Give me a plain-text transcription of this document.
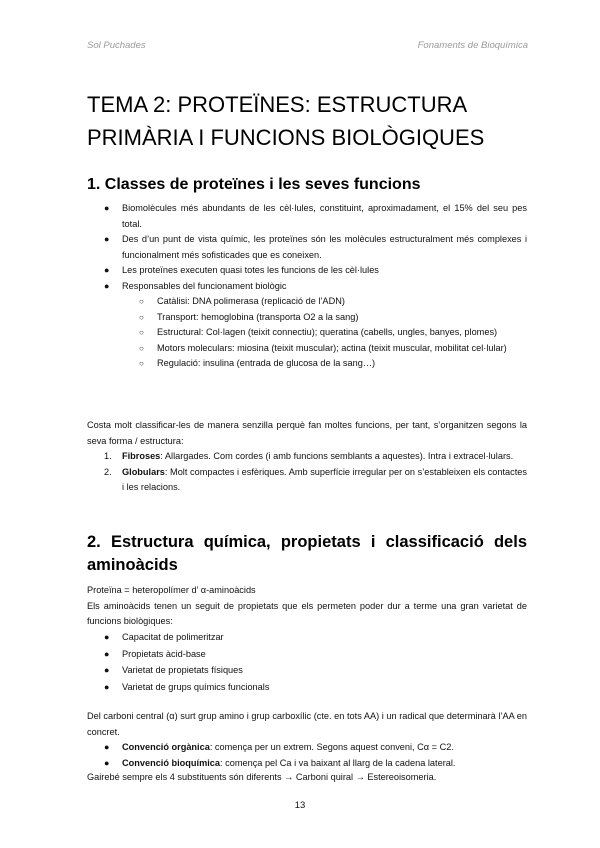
Sol Puchades	Fonaments de Bioquímica
TEMA 2: PROTEÏNES: ESTRUCTURA
PRIMÀRIA I FUNCIONS BIOLÒGIQUES
1. Classes de proteïnes i les seves funcions
● Biomolècules més abundants de les cèl·lules, constituint, aproximadament, el 15% del seu pes total.
● Des d’un punt de vista químic, les proteïnes són les molècules estructuralment més complexes i funcionalment més sofisticades que es coneixen.
● Les proteïnes executen quasi totes les funcions de les cèl·lules
● Responsables del funcionament biològic
○ Catàlisi: DNA polimerasa (replicació de l’ADN)
○ Transport: hemoglobina (transporta O2 a la sang)
○ Estructural: Col·lagen (teixit connectiu); queratina (cabells, ungles, banyes, plomes)
○ Motors moleculars: miosina (teixit muscular); actina (teixit muscular, mobilitat cel·lular)
○ Regulació: insulina (entrada de glucosa de la sang…)

Costa molt classificar-les de manera senzilla perquè fan moltes funcions, per tant, s’organitzen segons la seva forma / estructura:

1. Fibroses: Allargades. Com cordes (i amb funcions semblants a aquestes). Intra i extracel·lulars.
2. Globulars: Molt compactes i esfèriques. Amb superfície irregular per on s’estableixen els contactes i les relacions.
2. Estructura química, propietats i classificació dels aminoàcids
Proteïna = heteropolímer d’ α-aminoàcids
Els aminoàcids tenen un seguit de propietats que els permeten poder dur a terme una gran varietat de funcions biològiques:
● Capacitat de polimeritzar
● Propietats àcid-base
● Varietat de propietats físiques
● Varietat de grups químics funcionals

Del carboni central (α) surt grup amino i grup carboxílic (cte. en tots AA) i un radical que determinarà l’AA en concret.

● Convenció orgànica: comença per un extrem. Segons aquest conveni, Cα = C2.
● Convenció bioquímica: comença pel Ca i va baixant al llarg de la cadena lateral.

Gairebé sempre els 4 substituents són diferents → Carboni quiral → Estereoisomeria.

13
